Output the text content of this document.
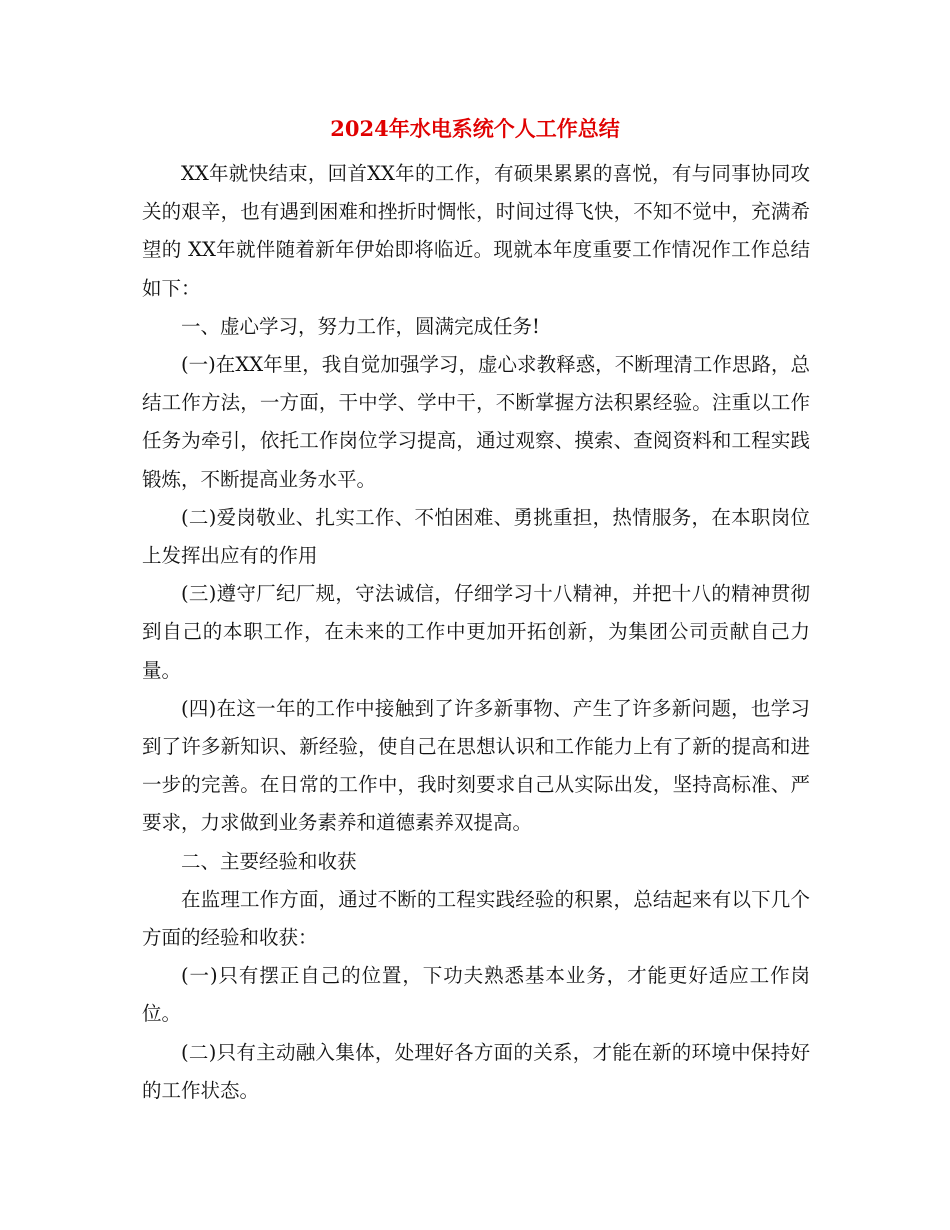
2024年水电系统个人工作总结

XX年就快结束，回首XX年的工作，有硕果累累的喜悦，有与同事协同攻关的艰辛，也有遇到困难和挫折时惆怅，时间过得飞快，不知不觉中，充满希望的 XX年就伴随着新年伊始即将临近。现就本年度重要工作情况作工作总结如下：

一、虚心学习，努力工作，圆满完成任务!

(一)在XX年里，我自觉加强学习，虚心求教释惑，不断理清工作思路，总结工作方法，一方面，干中学、学中干，不断掌握方法积累经验。注重以工作任务为牵引，依托工作岗位学习提高，通过观察、摸索、查阅资料和工程实践锻炼，不断提高业务水平。

(二)爱岗敬业、扎实工作、不怕困难、勇挑重担，热情服务，在本职岗位上发挥出应有的作用

(三)遵守厂纪厂规，守法诚信，仔细学习十八精神，并把十八的精神贯彻到自己的本职工作，在未来的工作中更加开拓创新，为集团公司贡献自己力量。

(四)在这一年的工作中接触到了许多新事物、产生了许多新问题，也学习到了许多新知识、新经验，使自己在思想认识和工作能力上有了新的提高和进一步的完善。在日常的工作中，我时刻要求自己从实际出发，坚持高标准、严要求，力求做到业务素养和道德素养双提高。

二、主要经验和收获

在监理工作方面，通过不断的工程实践经验的积累，总结起来有以下几个方面的经验和收获：

(一)只有摆正自己的位置，下功夫熟悉基本业务，才能更好适应工作岗位。

(二)只有主动融入集体，处理好各方面的关系，才能在新的环境中保持好的工作状态。
